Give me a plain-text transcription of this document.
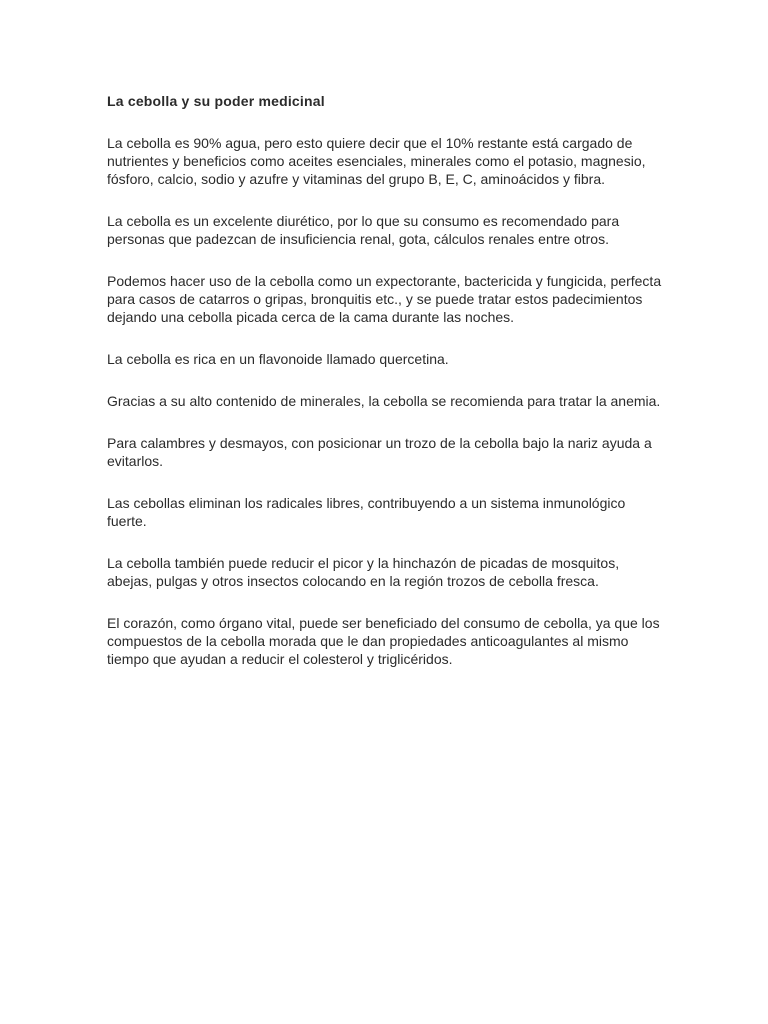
La cebolla y su poder medicinal

La cebolla es 90% agua, pero esto quiere decir que el 10% restante está cargado de nutrientes y beneficios como aceites esenciales, minerales como el potasio, magnesio, fósforo, calcio, sodio y azufre y vitaminas del grupo B, E, C, aminoácidos y fibra.

La cebolla es un excelente diurético, por lo que su consumo es recomendado para personas que padezcan de insuficiencia renal, gota, cálculos renales entre otros.

Podemos hacer uso de la cebolla como un expectorante, bactericida y fungicida, perfecta para casos de catarros o gripas, bronquitis etc., y se puede tratar estos padecimientos dejando una cebolla picada cerca de la cama durante las noches.

La cebolla es rica en un flavonoide llamado quercetina.

Gracias a su alto contenido de minerales, la cebolla se recomienda para tratar la anemia.

Para calambres y desmayos, con posicionar un trozo de la cebolla bajo la nariz ayuda a evitarlos.

Las cebollas eliminan los radicales libres, contribuyendo a un sistema inmunológico fuerte.

La cebolla también puede reducir el picor y la hinchazón de picadas de mosquitos, abejas, pulgas y otros insectos colocando en la región trozos de cebolla fresca.

El corazón, como órgano vital, puede ser beneficiado del consumo de cebolla, ya que los compuestos de la cebolla morada que le dan propiedades anticoagulantes al mismo tiempo que ayudan a reducir el colesterol y triglicéridos.
